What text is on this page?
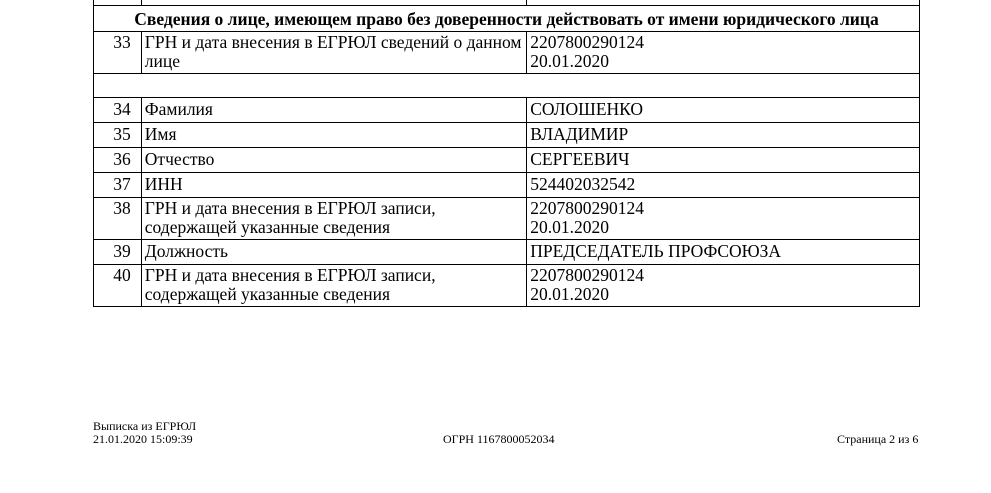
Сведения о лице, имеющем право без доверенности действовать от имени юридического лица		
33	ГРН и дата внесения в ЕГРЮЛ сведений о данном лице	2207800290124
20.01.2020

34	Фамилия	СОЛОШЕНКО
35	Имя	ВЛАДИМИР
36	Отчество	СЕРГЕЕВИЧ
37	ИНН	524402032542
38	ГРН и дата внесения в ЕГРЮЛ записи, содержащей указанные сведения	2207800290124
20.01.2020

39	Должность	ПРЕДСЕДАТЕЛЬ ПРОФСОЮЗА
40	ГРН и дата внесения в ЕГРЮЛ записи, содержащей указанные сведения	2207800290124
20.01.2020
Выписка из ЕГРЮЛ
21.01.2020 15:09:39	ОГРН 1167800052034	Страница 2 из 6
